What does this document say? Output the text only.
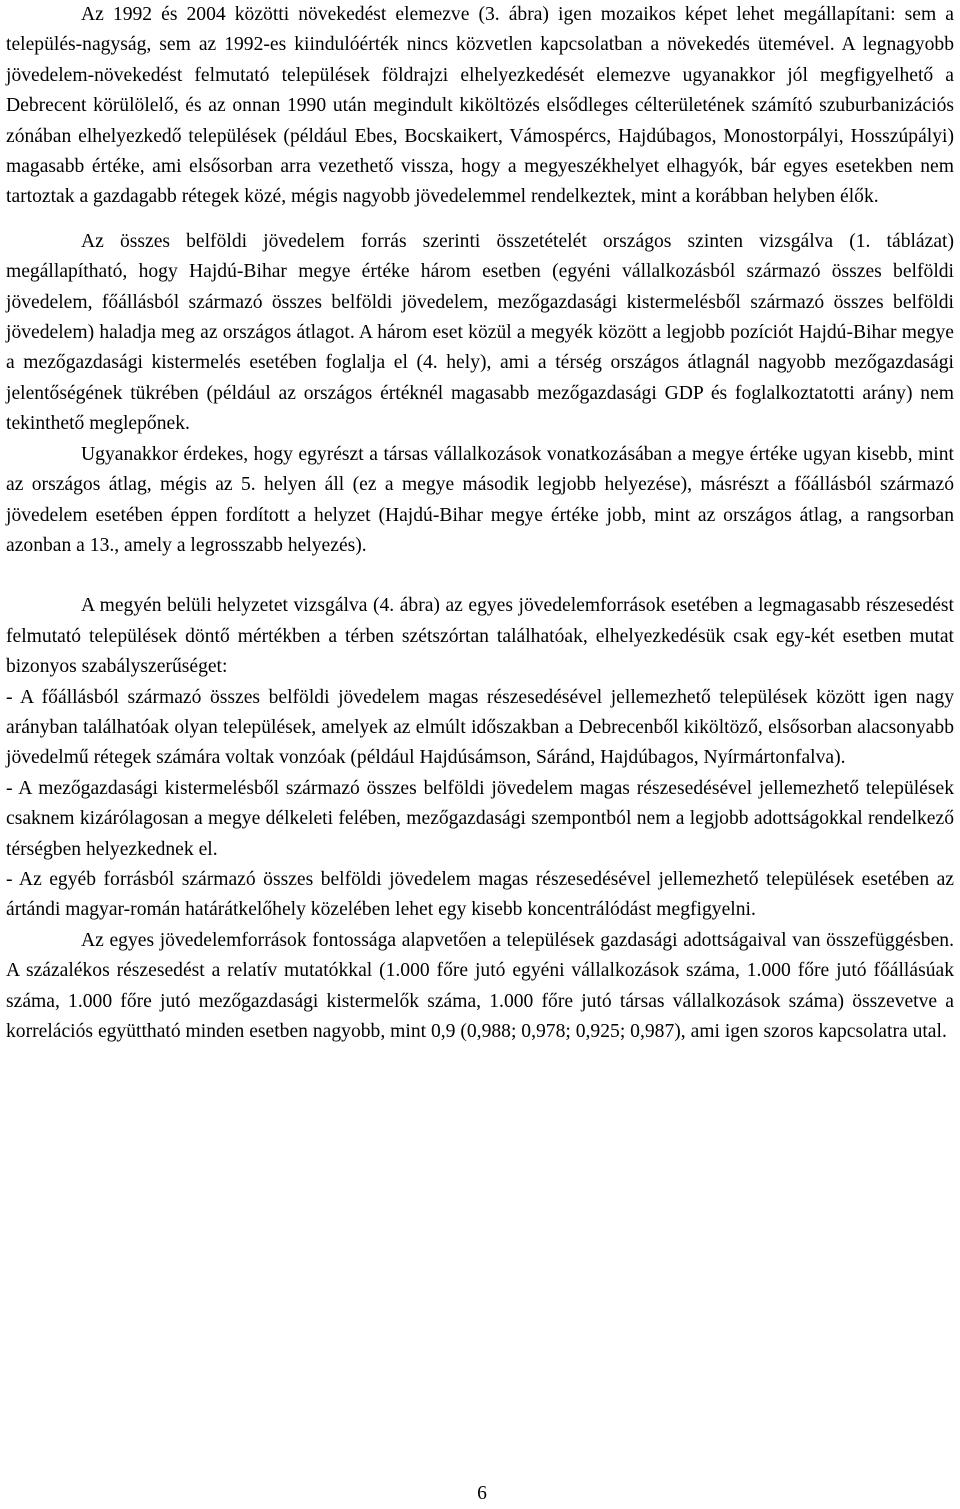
Az 1992 és 2004 közötti növekedést elemezve (3. ábra) igen mozaikos képet lehet megállapítani: sem a település-nagyság, sem az 1992-es kiindulóérték nincs közvetlen kapcsolatban a növekedés ütemével. A legnagyobb jövedelem-növekedést felmutató települések földrajzi elhelyezkedését elemezve ugyanakkor jól megfigyelhető a Debrecent körülölelő, és az onnan 1990 után megindult kiköltözés elsődleges célterületének számító szuburbanizációs zónában elhelyezkedő települések (például Ebes, Bocskaikert, Vámospércs, Hajdúbagos, Monostorpályi, Hosszúpályi) magasabb értéke, ami elsősorban arra vezethető vissza, hogy a megyeszékhelyet elhagyók, bár egyes esetekben nem tartoztak a gazdagabb rétegek közé, mégis nagyobb jövedelemmel rendelkeztek, mint a korábban helyben élők.

Az összes belföldi jövedelem forrás szerinti összetételét országos szinten vizsgálva (1. táblázat) megállapítható, hogy Hajdú-Bihar megye értéke három esetben (egyéni vállalkozásból származó összes belföldi jövedelem, főállásból származó összes belföldi jövedelem, mezőgazdasági kistermelésből származó összes belföldi jövedelem) haladja meg az országos átlagot. A három eset közül a megyék között a legjobb pozíciót Hajdú-Bihar megye a mezőgazdasági kistermelés esetében foglalja el (4. hely), ami a térség országos átlagnál nagyobb mezőgazdasági jelentőségének tükrében (például az országos értéknél magasabb mezőgazdasági GDP és foglalkoztatotti arány) nem tekinthető meglepőnek.

Ugyanakkor érdekes, hogy egyrészt a társas vállalkozások vonatkozásában a megye értéke ugyan kisebb, mint az országos átlag, mégis az 5. helyen áll (ez a megye második legjobb helyezése), másrészt a főállásból származó jövedelem esetében éppen fordított a helyzet (Hajdú-Bihar megye értéke jobb, mint az országos átlag, a rangsorban azonban a 13., amely a legrosszabb helyezés).

A megyén belüli helyzetet vizsgálva (4. ábra) az egyes jövedelemforrások esetében a legmagasabb részesedést felmutató települések döntő mértékben a térben szétszórtan találhatóak, elhelyezkedésük csak egy-két esetben mutat bizonyos szabályszerűséget:

- A főállásból származó összes belföldi jövedelem magas részesedésével jellemezhető települések között igen nagy arányban találhatóak olyan települések, amelyek az elmúlt időszakban a Debrecenből kiköltöző, elsősorban alacsonyabb jövedelmű rétegek számára voltak vonzóak (például Hajdúsámson, Sáránd, Hajdúbagos, Nyírmártonfalva).

- A mezőgazdasági kistermelésből származó összes belföldi jövedelem magas részesedésével jellemezhető települések csaknem kizárólagosan a megye délkeleti felében, mezőgazdasági szempontból nem a legjobb adottságokkal rendelkező térségben helyezkednek el.

- Az egyéb forrásból származó összes belföldi jövedelem magas részesedésével jellemezhető települések esetében az ártándi magyar-román határátkelőhely közelében lehet egy kisebb koncentrálódást megfigyelni.

Az egyes jövedelemforrások fontossága alapvetően a települések gazdasági adottságaival van összefüggésben. A százalékos részesedést a relatív mutatókkal (1.000 főre jutó egyéni vállalkozások száma, 1.000 főre jutó főállásúak száma, 1.000 főre jutó mezőgazdasági kistermelők száma, 1.000 főre jutó társas vállalkozások száma) összevetve a korrelációs együttható minden esetben nagyobb, mint 0,9 (0,988; 0,978; 0,925; 0,987), ami igen szoros kapcsolatra utal.

6
